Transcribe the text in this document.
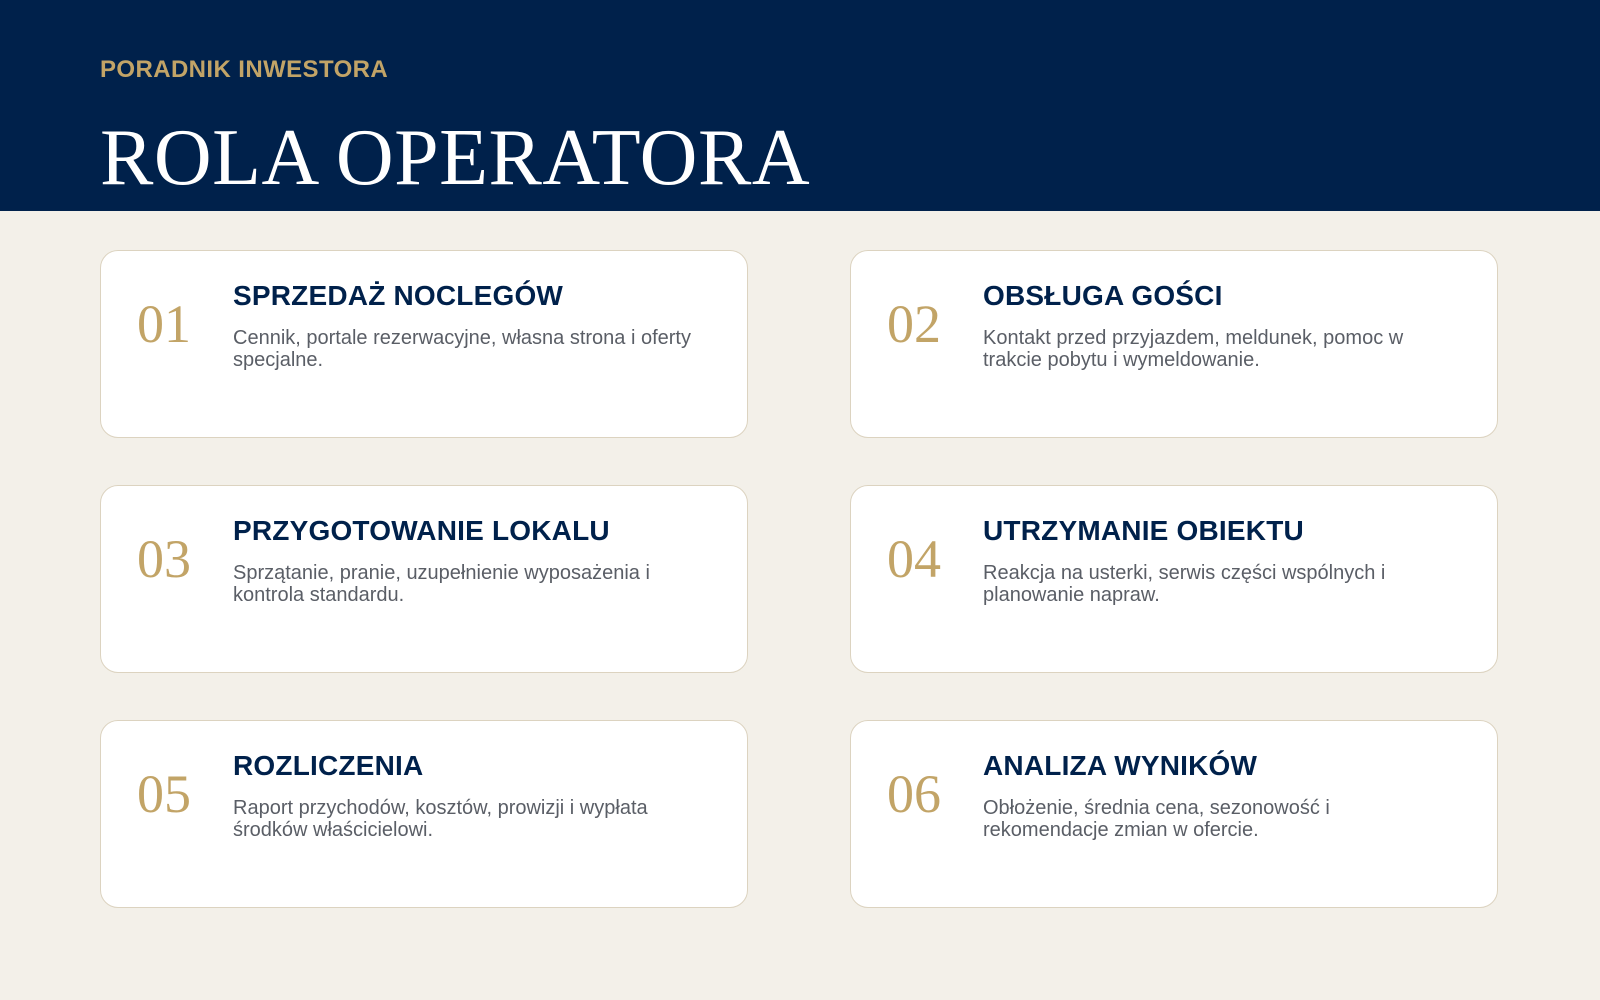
PORADNIK INWESTORA

ROLA OPERATORA

01 SPRZEDAŻ NOCLEGÓW

Cennik, portale rezerwacyjne, własna strona i oferty specjalne.

02 OBSŁUGA GOŚCI

Kontakt przed przyjazdem, meldunek, pomoc w trakcie pobytu i wymeldowanie.

03 PRZYGOTOWANIE LOKALU

Sprzątanie, pranie, uzupełnienie wyposażenia i kontrola standardu.

04 UTRZYMANIE OBIEKTU

Reakcja na usterki, serwis części wspólnych i planowanie napraw.

05 ROZLICZENIA

Raport przychodów, kosztów, prowizji i wypłata środków właścicielowi.

06 ANALIZA WYNIKÓW

Obłożenie, średnia cena, sezonowość i rekomendacje zmian w ofercie.
